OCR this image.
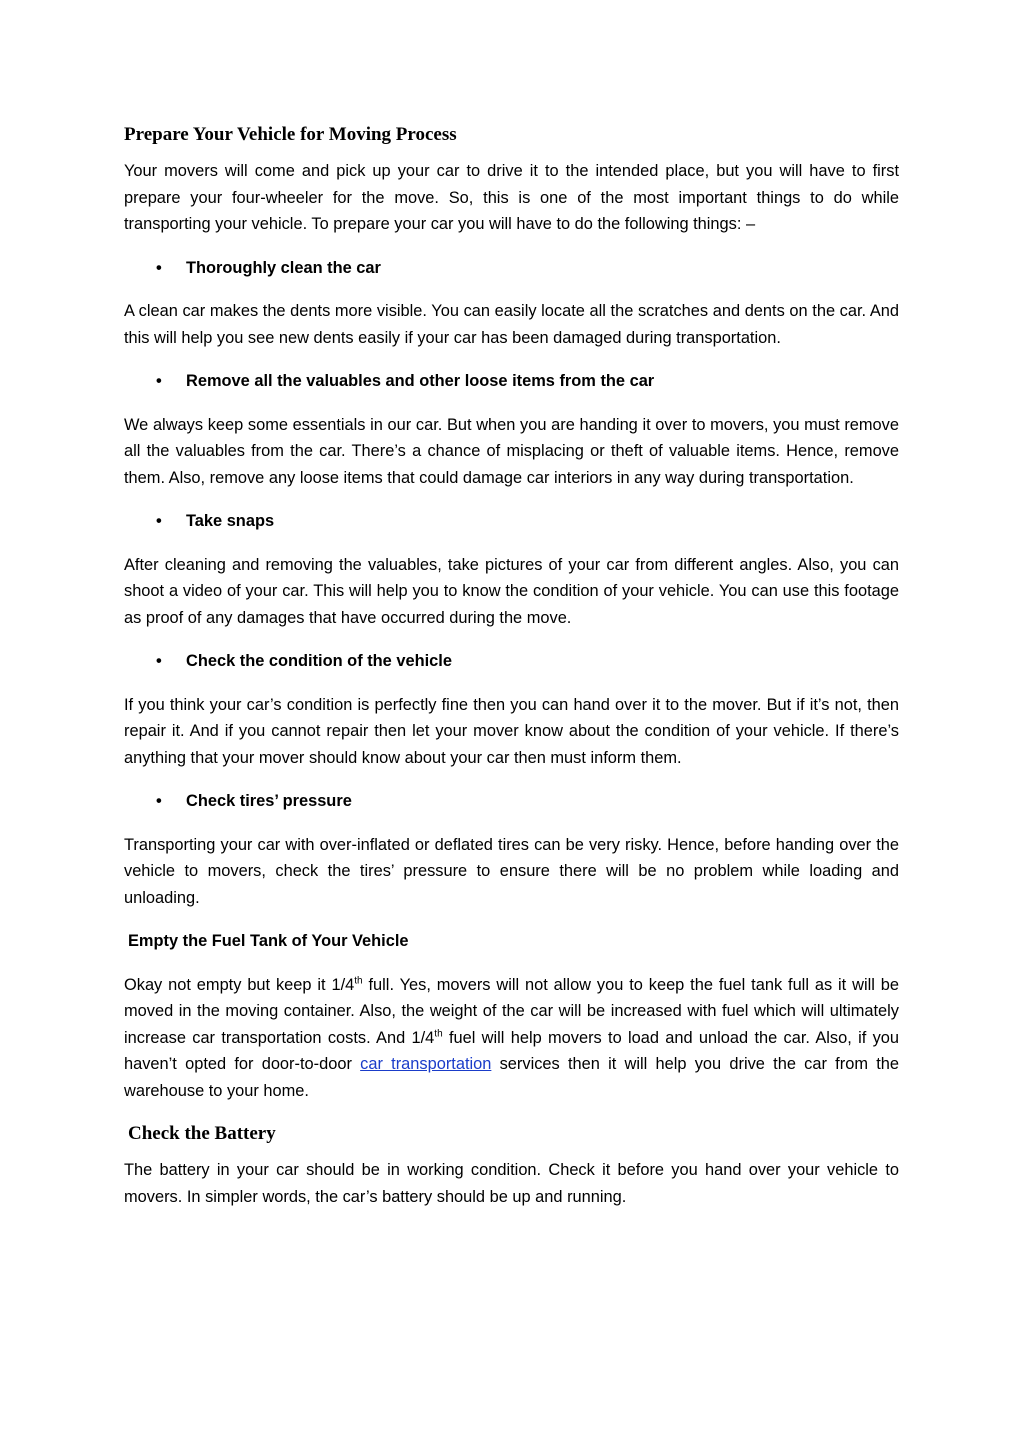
Prepare Your Vehicle for Moving Process
Your movers will come and pick up your car to drive it to the intended place, but you will have to first prepare your four-wheeler for the move. So, this is one of the most important things to do while transporting your vehicle. To prepare your car you will have to do the following things: –
• Thoroughly clean the car
A clean car makes the dents more visible. You can easily locate all the scratches and dents on the car. And this will help you see new dents easily if your car has been damaged during transportation.
• Remove all the valuables and other loose items from the car
We always keep some essentials in our car. But when you are handing it over to movers, you must remove all the valuables from the car. There’s a chance of misplacing or theft of valuable items. Hence, remove them. Also, remove any loose items that could damage car interiors in any way during transportation.
• Take snaps
After cleaning and removing the valuables, take pictures of your car from different angles. Also, you can shoot a video of your car. This will help you to know the condition of your vehicle. You can use this footage as proof of any damages that have occurred during the move.
• Check the condition of the vehicle
If you think your car’s condition is perfectly fine then you can hand over it to the mover. But if it’s not, then repair it. And if you cannot repair then let your mover know about the condition of your vehicle. If there’s anything that your mover should know about your car then must inform them.
• Check tires’ pressure
Transporting your car with over-inflated or deflated tires can be very risky. Hence, before handing over the vehicle to movers, check the tires’ pressure to ensure there will be no problem while loading and unloading.
Empty the Fuel Tank of Your Vehicle
Okay not empty but keep it 1/4th full. Yes, movers will not allow you to keep the fuel tank full as it will be moved in the moving container. Also, the weight of the car will be increased with fuel which will ultimately increase car transportation costs. And 1/4th fuel will help movers to load and unload the car. Also, if you haven’t opted for door-to-door car transportation services then it will help you drive the car from the warehouse to your home.
Check the Battery
The battery in your car should be in working condition. Check it before you hand over your vehicle to movers. In simpler words, the car’s battery should be up and running.
